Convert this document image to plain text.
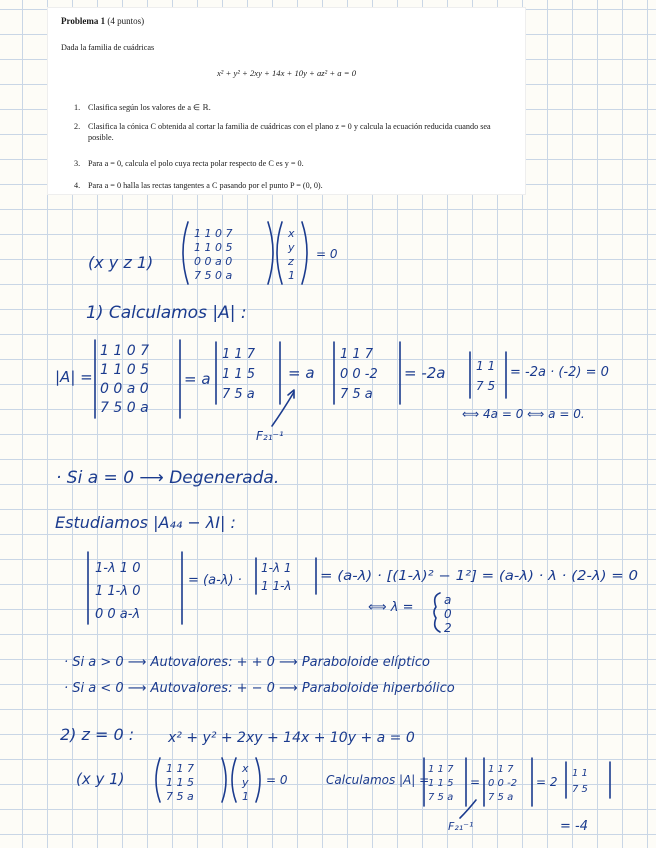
Problema 1 (4 puntos)
Dada la familia de cuádricas
x² + y² + 2xy + 14x + 10y + az² + a = 0
1. Clasifica según los valores de a ∈ ℝ.
2. Clasifica la cónica C obtenida al cortar la familia de cuádricas con el plano z = 0 y calcula la ecuación reducida cuando sea posible.
3. Para a = 0, calcula el polo cuya recta polar respecto de C es y = 0.
4. Para a = 0 halla las rectas tangentes a C pasando por el punto P = (0, 0).
(x y z 1)
1 1 0 7
1 1 0 5
0 0 a 0
7 5 0 a
x
y
z
1
= 0
1) Calculamos |A| :
|A| =
1 1 0 7
1 1 0 5
0 0 a 0
7 5 0 a
= a
1 1 7
1 1 5
7 5 a
= a
1 1 7
0 0 -2
7 5 a
= -2a	1 1
7 5
= -2a · (-2) = 0
F₂₁⁻¹
⟺ 4a = 0 ⟺ a = 0.
· Si a = 0 ⟶ Degenerada.
Estudiamos |A₄₄ − λI| :
1-λ 1 0
1 1-λ 0
0 0 a-λ
= (a-λ) ·
1-λ 1
1 1-λ
= (a-λ) · [(1-λ)² − 1²] = (a-λ) · λ · (2-λ) = 0
⟺ λ =	a
0
2
· Si a > 0 ⟶ Autovalores: + + 0 ⟶ Paraboloide elíptico
· Si a < 0 ⟶ Autovalores: + − 0 ⟶ Paraboloide hiperbólico
2) z = 0 : x² + y² + 2xy + 14x + 10y + a = 0
(x y 1)
1 1 7
1 1 5
7 5 a
x
y
1
= 0	Calculamos |A| =
1 1 7
1 1 5
7 5 a
=
1 1 7
0 0 -2
7 5 a
= 2
1 1
7 5
F₂₁⁻¹	= -4
